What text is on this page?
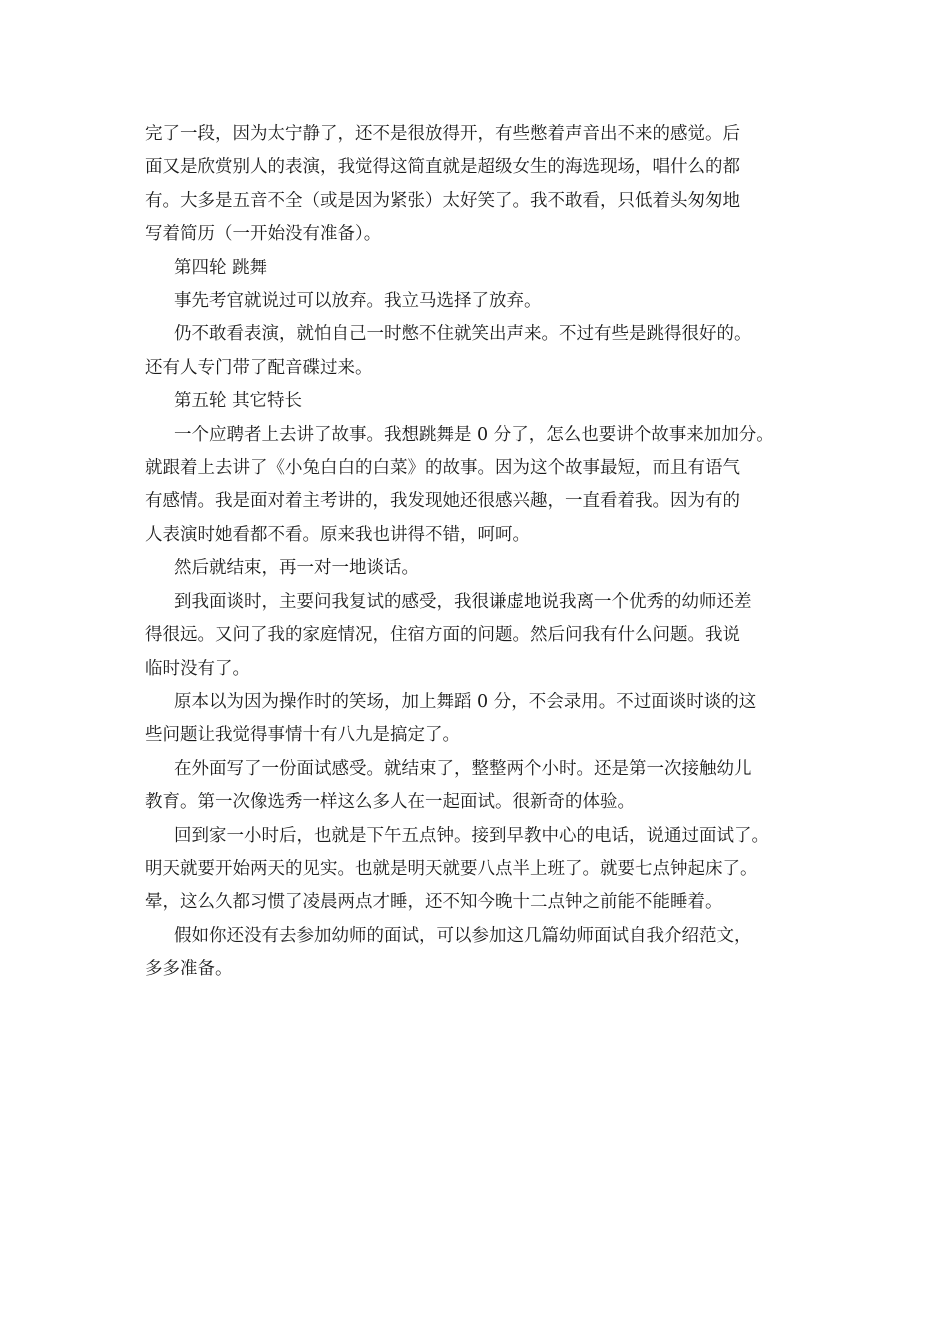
完了一段，因为太宁静了，还不是很放得开，有些憋着声音出不来的感觉。后

面又是欣赏别人的表演，我觉得这简直就是超级女生的海选现场，唱什么的都

有。大多是五音不全（或是因为紧张）太好笑了。我不敢看，只低着头匆匆地

写着简历（一开始没有准备）。

第四轮 跳舞

事先考官就说过可以放弃。我立马选择了放弃。

仍不敢看表演，就怕自己一时憋不住就笑出声来。不过有些是跳得很好的。

还有人专门带了配音碟过来。

第五轮 其它特长

一个应聘者上去讲了故事。我想跳舞是 0 分了，怎么也要讲个故事来加加分。

就跟着上去讲了《小兔白白的白菜》的故事。因为这个故事最短，而且有语气

有感情。我是面对着主考讲的，我发现她还很感兴趣，一直看着我。因为有的

人表演时她看都不看。原来我也讲得不错，呵呵。

然后就结束，再一对一地谈话。

到我面谈时，主要问我复试的感受，我很谦虚地说我离一个优秀的幼师还差

得很远。又问了我的家庭情况，住宿方面的问题。然后问我有什么问题。我说

临时没有了。

原本以为因为操作时的笑场，加上舞蹈 0 分，不会录用。不过面谈时谈的这

些问题让我觉得事情十有八九是搞定了。

在外面写了一份面试感受。就结束了，整整两个小时。还是第一次接触幼儿

教育。第一次像选秀一样这么多人在一起面试。很新奇的体验。

回到家一小时后，也就是下午五点钟。接到早教中心的电话，说通过面试了。

明天就要开始两天的见实。也就是明天就要八点半上班了。就要七点钟起床了。

晕，这么久都习惯了凌晨两点才睡，还不知今晚十二点钟之前能不能睡着。

假如你还没有去参加幼师的面试，可以参加这几篇幼师面试自我介绍范文，

多多准备。
